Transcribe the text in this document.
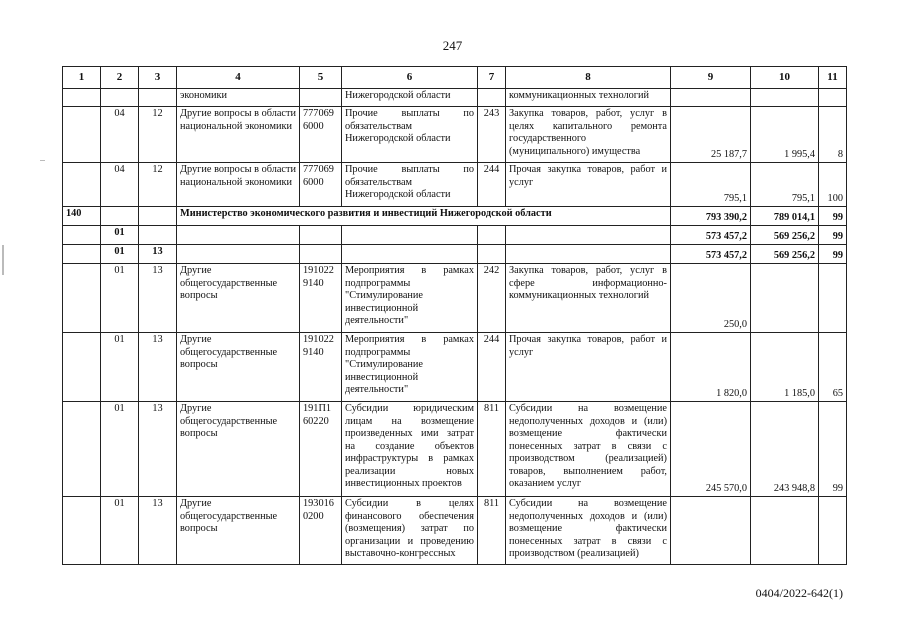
247
1	2	3	4	5	6	7	8	9	10	11
			экономики		Нижегородской области		коммуникационных технологий			
	04	12	Другие вопросы в области национальной экономики	777069 6000	Прочие выплаты по обязательствам Нижегородской области	243	Закупка товаров, работ, услуг в целях капитального ремонта государственного (муниципального) имущества	25 187,7	1 995,4	8
	04	12	Другие вопросы в области национальной экономики	777069 6000	Прочие выплаты по обязательствам Нижегородской области	244	Прочая закупка товаров, работ и услуг	795,1	795,1	100
140			Министерство экономического развития и инвестиций Нижегородской области					793 390,2	789 014,1	99
	01							573 457,2	569 256,2	99
	01	13						573 457,2	569 256,2	99
	01	13	Другие общегосударственные вопросы	191022 9140	Мероприятия в рамках подпрограммы "Стимулирование инвестиционной деятельности"	242	Закупка товаров, работ, услуг в сфере информационно-коммуникационных технологий	250,0		
	01	13	Другие общегосударственные вопросы	191022 9140	Мероприятия в рамках подпрограммы "Стимулирование инвестиционной деятельности"	244	Прочая закупка товаров, работ и услуг	1 820,0	1 185,0	65
	01	13	Другие общегосударственные вопросы	191П1 60220	Субсидии юридическим лицам на возмещение произведенных ими затрат на создание объектов инфраструктуры в рамках реализации новых инвестиционных проектов	811	Субсидии на возмещение недополученных доходов и (или) возмещение фактически понесенных затрат в связи с производством (реализацией) товаров, выполнением работ, оказанием услуг	245 570,0	243 948,8	99
	01	13	Другие общегосударственные вопросы	193016 0200	Субсидии в целях финансового обеспечения (возмещения) затрат по организации и проведению выставочно-конгрессных	811	Субсидии на возмещение недополученных доходов и (или) возмещение фактически понесенных затрат в связи с производством (реализацией)			
0404/2022-642(1)
